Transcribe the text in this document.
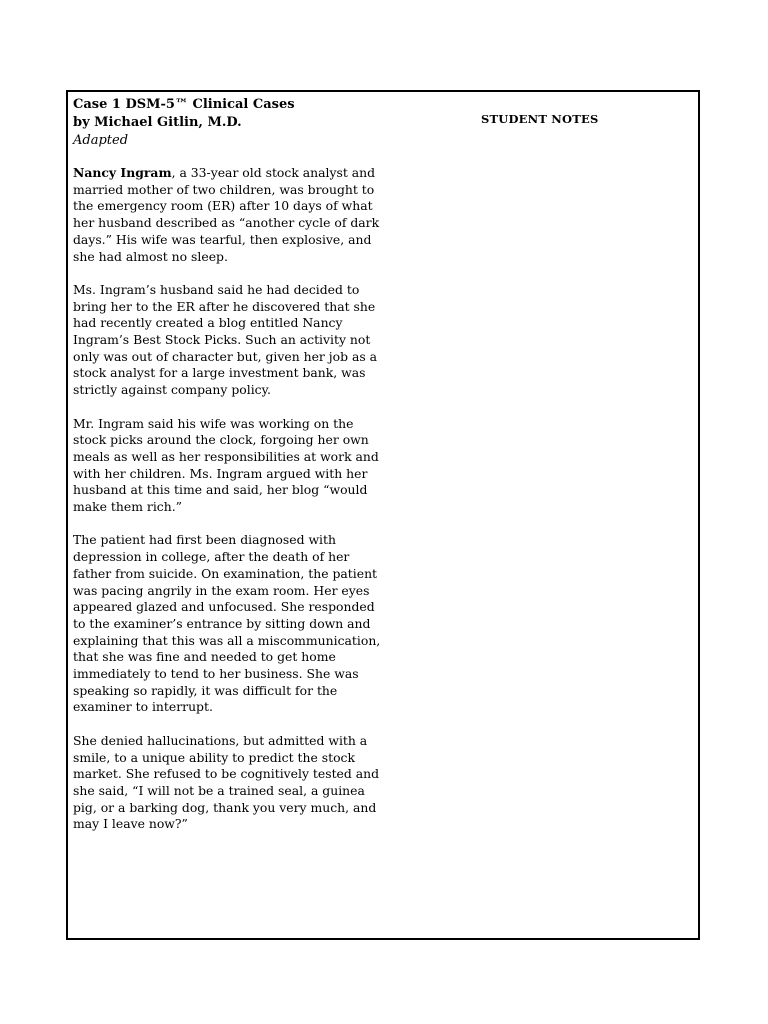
Case 1 DSM-5™ Clinical Cases
by Michael Gitlin, M.D.
Adapted

Nancy Ingram, a 33-year old stock analyst and married mother of two children, was brought to the emergency room (ER) after 10 days of what her husband described as “another cycle of dark days.” His wife was tearful, then explosive, and she had almost no sleep.

Ms. Ingram’s husband said he had decided to bring her to the ER after he discovered that she had recently created a blog entitled Nancy Ingram’s Best Stock Picks. Such an activity not only was out of character but, given her job as a stock analyst for a large investment bank, was strictly against company policy.

Mr. Ingram said his wife was working on the stock picks around the clock, forgoing her own meals as well as her responsibilities at work and with her children. Ms. Ingram argued with her husband at this time and said, her blog “would make them rich.”

The patient had first been diagnosed with depression in college, after the death of her father from suicide. On examination, the patient was pacing angrily in the exam room. Her eyes appeared glazed and unfocused. She responded to the examiner’s entrance by sitting down and explaining that this was all a miscommunication, that she was fine and needed to get home immediately to tend to her business. She was speaking so rapidly, it was difficult for the examiner to interrupt.

She denied hallucinations, but admitted with a smile, to a unique ability to predict the stock market. She refused to be cognitively tested and she said, “I will not be a trained seal, a guinea pig, or a barking dog, thank you very much, and may I leave now?”

STUDENT NOTES
